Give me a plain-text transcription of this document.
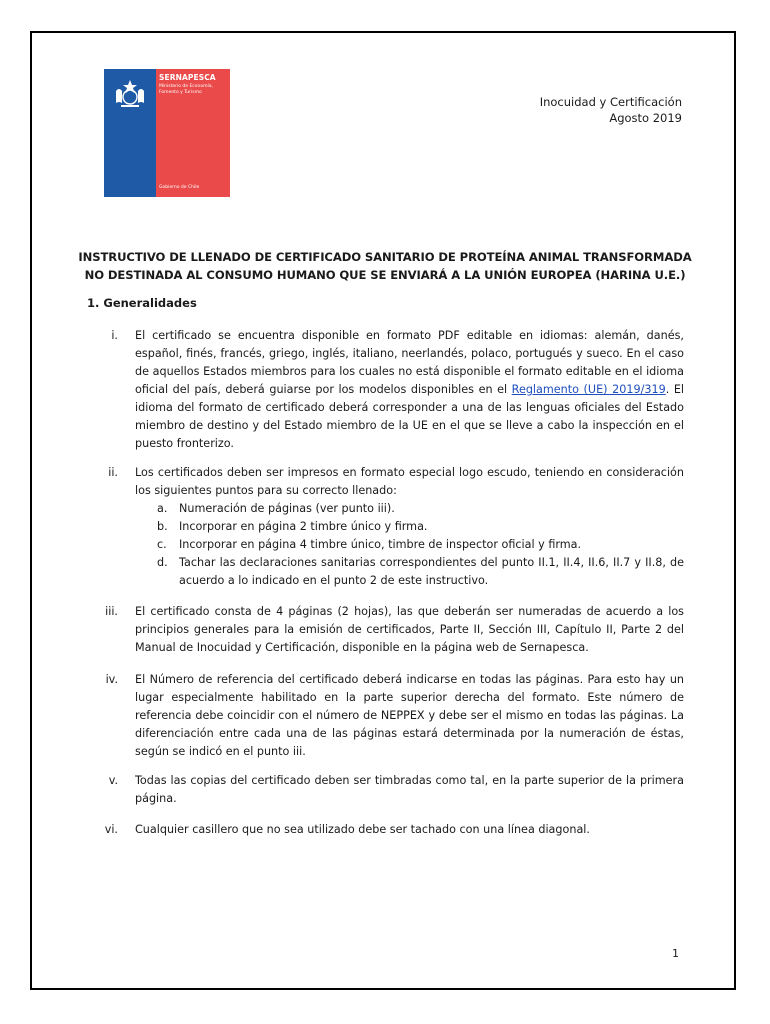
SERNAPESCA
Ministerio de Economía, Fomento y Turismo
Gobierno de Chile
Inocuidad y Certificación
Agosto 2019
INSTRUCTIVO DE LLENADO DE CERTIFICADO SANITARIO DE PROTEÍNA ANIMAL TRANSFORMADA
NO DESTINADA AL CONSUMO HUMANO QUE SE ENVIARÁ A LA UNIÓN EUROPEA (HARINA U.E.)
1. Generalidades
i. El certificado se encuentra disponible en formato PDF editable en idiomas: alemán, danés, español, finés, francés, griego, inglés, italiano, neerlandés, polaco, portugués y sueco. En el caso de aquellos Estados miembros para los cuales no está disponible el formato editable en el idioma oficial del país, deberá guiarse por los modelos disponibles en el Reglamento (UE) 2019/319. El idioma del formato de certificado deberá corresponder a una de las lenguas oficiales del Estado miembro de destino y del Estado miembro de la UE en el que se lleve a cabo la inspección en el puesto fronterizo.
ii. Los certificados deben ser impresos en formato especial logo escudo, teniendo en consideración los siguientes puntos para su correcto llenado:
a. Numeración de páginas (ver punto iii).
b. Incorporar en página 2 timbre único y firma.
c. Incorporar en página 4 timbre único, timbre de inspector oficial y firma.
d. Tachar las declaraciones sanitarias correspondientes del punto II.1, II.4, II.6, II.7 y II.8, de acuerdo a lo indicado en el punto 2 de este instructivo.
iii. El certificado consta de 4 páginas (2 hojas), las que deberán ser numeradas de acuerdo a los principios generales para la emisión de certificados, Parte II, Sección III, Capítulo II, Parte 2 del Manual de Inocuidad y Certificación, disponible en la página web de Sernapesca.
iv. El Número de referencia del certificado deberá indicarse en todas las páginas. Para esto hay un lugar especialmente habilitado en la parte superior derecha del formato. Este número de referencia debe coincidir con el número de NEPPEX y debe ser el mismo en todas las páginas. La diferenciación entre cada una de las páginas estará determinada por la numeración de éstas, según se indicó en el punto iii.
v. Todas las copias del certificado deben ser timbradas como tal, en la parte superior de la primera página.
vi. Cualquier casillero que no sea utilizado debe ser tachado con una línea diagonal.
1
